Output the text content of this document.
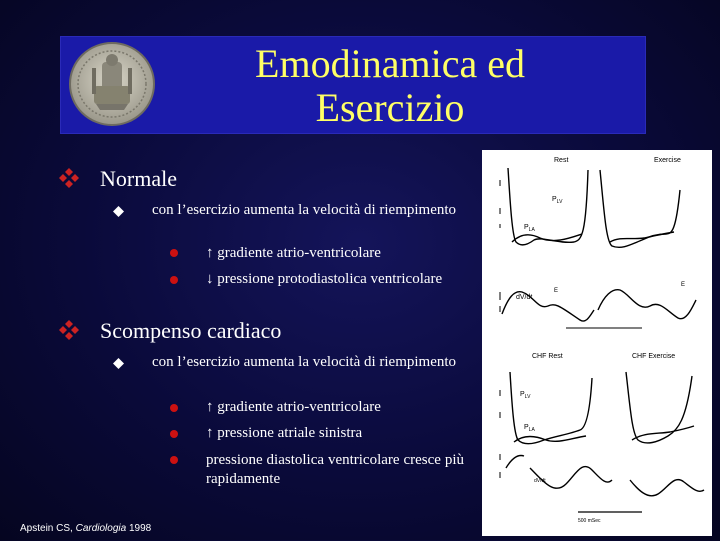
Emodinamica ed
Esercizio
Normale
con l’esercizio aumenta la velocità di riempimento
↑ gradiente atrio-ventricolare
↓ pressione protodiastolica ventricolare
Scompenso cardiaco
con l’esercizio aumenta la velocità di riempimento
↑ gradiente atrio-ventricolare
↑ pressione atriale sinistra
pressione diastolica ventricolare cresce più rapidamente
Apstein CS, Cardiologia 1998
Rest	Exercise
$P_{LV}$
$P_{LA}$
dV/dt
E
E
CHF Rest	CHF Exercise
$P_{LV}$
$P_{LA}$
dV/dt
500 mSec
